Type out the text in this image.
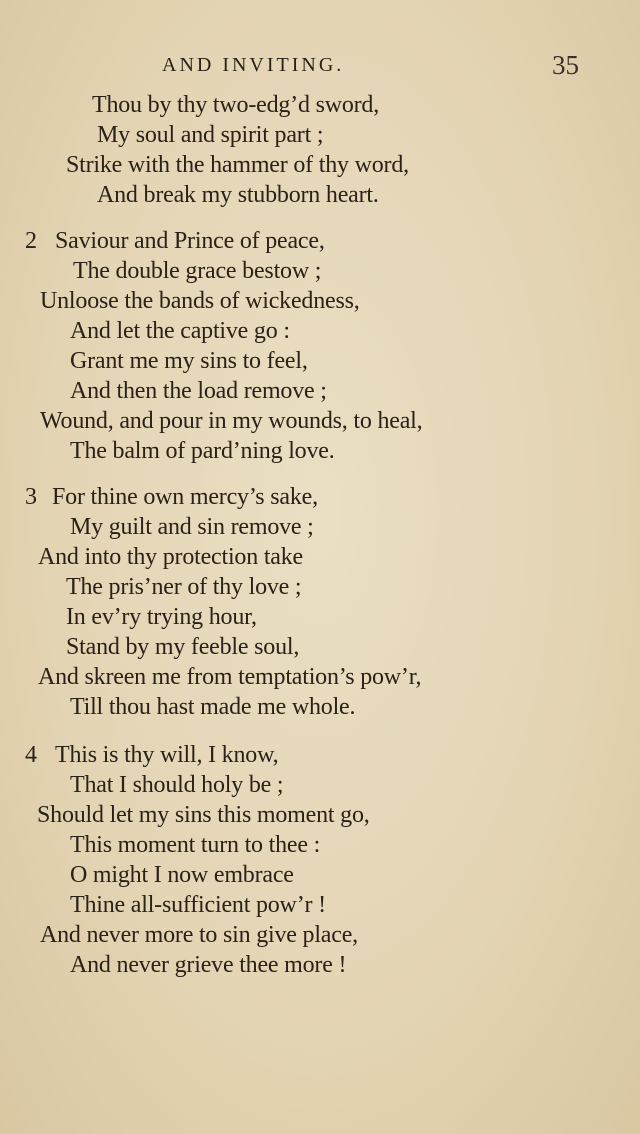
AND INVITING.	35
Thou by thy two-edg’d sword,
My soul and spirit part ;
Strike with the hammer of thy word,
And break my stubborn heart.
2 Saviour and Prince of peace,
The double grace bestow ;
Unloose the bands of wickedness,
And let the captive go :
Grant me my sins to feel,
And then the load remove ;
Wound, and pour in my wounds, to heal,
The balm of pard’ning love.
3 For thine own mercy’s sake,
My guilt and sin remove ;
And into thy protection take
The pris’ner of thy love ;
In ev’ry trying hour,
Stand by my feeble soul,
And skreen me from temptation’s pow’r,
Till thou hast made me whole.
4 This is thy will, I know,
That I should holy be ;
Should let my sins this moment go,
This moment turn to thee :
O might I now embrace
Thine all-sufficient pow’r !
And never more to sin give place,
And never grieve thee more !
